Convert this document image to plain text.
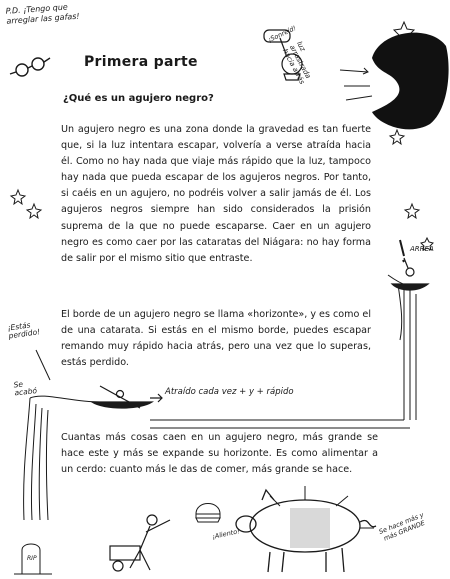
P.D. ¡Tengo que arreglar las gafas!
Primera parte
¿Qué es un agujero negro?

Un agujero negro es una zona donde la gravedad es tan fuerte que, si la luz intentara escapar, volvería a verse atraída hacia él. Como no hay nada que viaje más rápido que la luz, tampoco hay nada que pueda escapar de los agujeros negros. Por tanto, si caéis en un agujero, no podréis volver a salir jamás de él. Los agujeros negros siempre han sido considerados la prisión suprema de la que no puede escaparse. Caer en un agujero negro es como caer por las cataratas del Niágara: no hay forma de salir por el mismo sitio que entraste.

El borde de un agujero negro se llama «horizonte», y es como el de una catarata. Si estás en el mismo borde, puedes escapar remando muy rápido hacia atrás, pero una vez que lo superas, estás perdido.

Cuantas más cosas caen en un agujero negro, más grande se hace este y más se expande su horizonte. Es como alimentar a un cerdo: cuanto más le das de comer, más grande se hace.

¡Sonreíd!
luz arrastrada hacia atrás
ARREA
¡Estás perdido!
Se acabó	Atraído cada vez + y + rápido
¡Aliento!	Se hace más y más GRANDE
RIP
